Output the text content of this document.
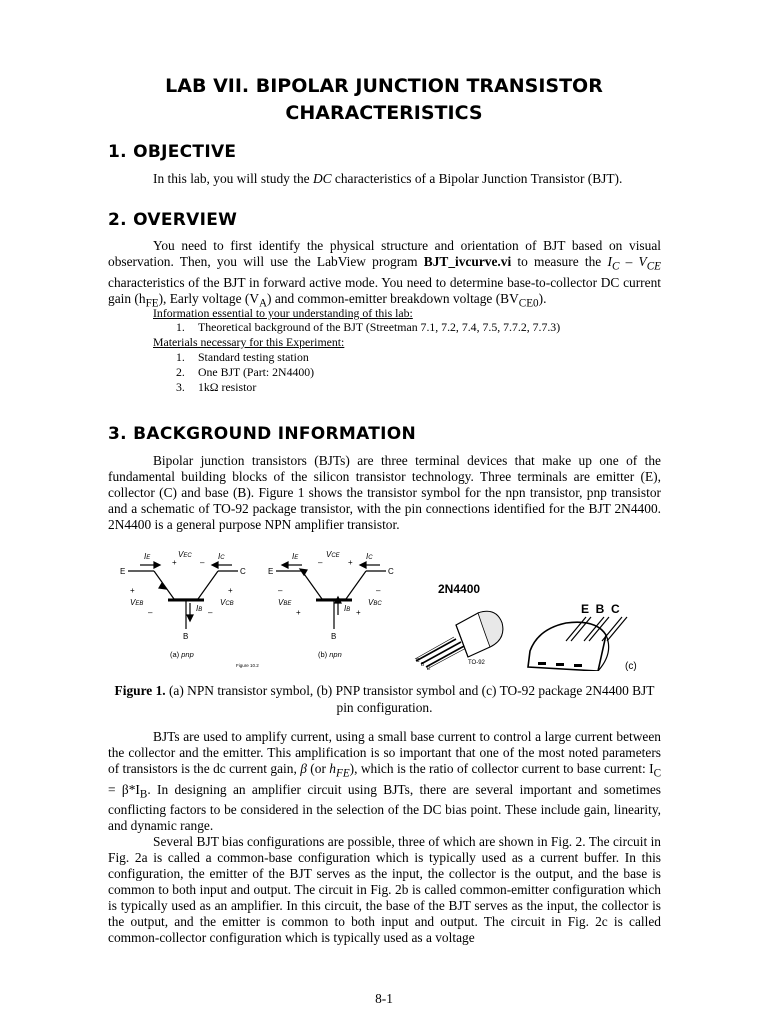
LAB VII. BIPOLAR JUNCTION TRANSISTOR
CHARACTERISTICS
1. OBJECTIVE
In this lab, you will study the DC characteristics of a Bipolar Junction Transistor (BJT).
2. OVERVIEW
You need to first identify the physical structure and orientation of BJT based on visual observation. Then, you will use the LabView program BJT_ivcurve.vi to measure the $I_C - V_{CE}$ characteristics of the BJT in forward active mode. You need to determine base-to-collector DC current gain $(h_{FE})$, Early voltage $(V_A)$ and common-emitter breakdown voltage $(BV_{CE0})$.
Information essential to your understanding of this lab:
1. Theoretical background of the BJT (Streetman 7.1, 7.2, 7.4, 7.5, 7.7.2, 7.7.3)
Materials necessary for this Experiment:
1. Standard testing station
2. One BJT (Part: 2N4400)
3. 1kΩ resistor
3. BACKGROUND INFORMATION
Bipolar junction transistors (BJTs) are three terminal devices that make up one of the fundamental building blocks of the silicon transistor technology. Three terminals are emitter (E), collector (C) and base (B). Figure 1 shows the transistor symbol for the npn transistor, pnp transistor and a schematic of TO-92 package transistor, with the pin connections identified for the BJT 2N4400. 2N4400 is a general purpose NPN amplifier transistor.
E	C
B
IE	IC
+
VEC
–
+
VEB
–
+
VCB
–
IB
(a) pnp
Figure 10.2
E	C
B
IE	IC
–
VCE
+
–
VBE
+
–
VBC
+
IB
(b) npn
2N4400
C
B
E
TO-92
E  B  C
(c)
Figure 1. (a) NPN transistor symbol, (b) PNP transistor symbol and (c) TO-92 package 2N4400 BJT pin configuration.
BJTs are used to amplify current, using a small base current to control a large current between the collector and the emitter. This amplification is so important that one of the most noted parameters of transistors is the dc current gain, β (or $h_{FE}$), which is the ratio of collector current to base current: $I_C = \beta*I_B$. In designing an amplifier circuit using BJTs, there are several important and sometimes conflicting factors to be considered in the selection of the DC bias point. These include gain, linearity, and dynamic range.
Several BJT bias configurations are possible, three of which are shown in Fig. 2. The circuit in Fig. 2a is called a common-base configuration which is typically used as a current buffer. In this configuration, the emitter of the BJT serves as the input, the collector is the output, and the base is common to both input and output. The circuit in Fig. 2b is called common-emitter configuration which is typically used as an amplifier. In this circuit, the base of the BJT serves as the input, the collector is the output, and the emitter is common to both input and output. The circuit in Fig. 2c is called common-collector configuration which is typically used as a voltage
8-1
